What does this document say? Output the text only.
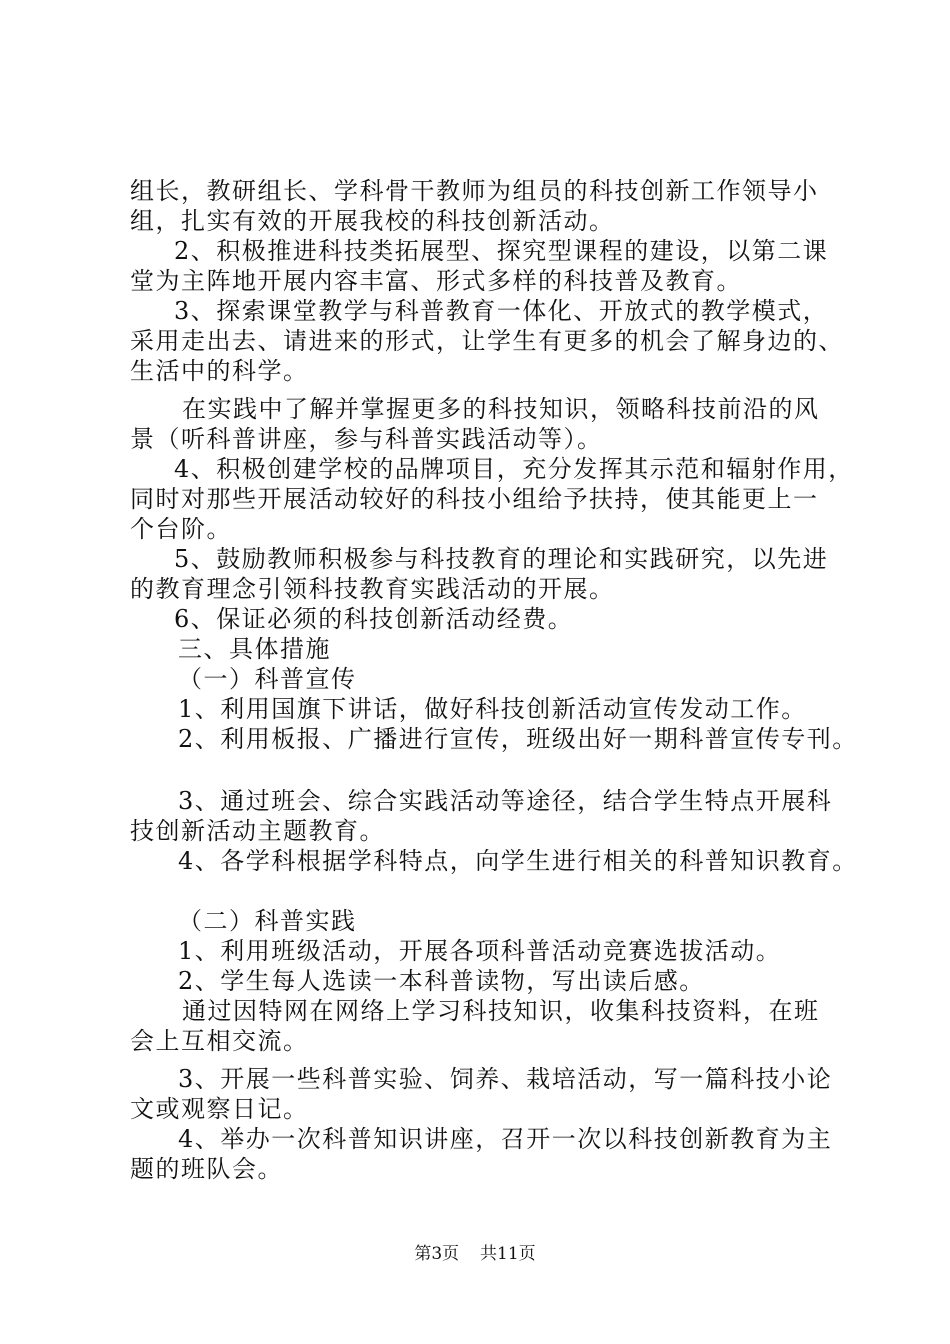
组长，教研组长、学科骨干教师为组员的科技创新工作领导小
组，扎实有效的开展我校的科技创新活动。
2、积极推进科技类拓展型、探究型课程的建设，以第二课
堂为主阵地开展内容丰富、形式多样的科技普及教育。
3、探索课堂教学与科普教育一体化、开放式的教学模式，
采用走出去、请进来的形式，让学生有更多的机会了解身边的、
生活中的科学。
在实践中了解并掌握更多的科技知识，领略科技前沿的风
景（听科普讲座，参与科普实践活动等）。
4、积极创建学校的品牌项目，充分发挥其示范和辐射作用，
同时对那些开展活动较好的科技小组给予扶持，使其能更上一
个台阶。
5、鼓励教师积极参与科技教育的理论和实践研究，以先进
的教育理念引领科技教育实践活动的开展。
6、保证必须的科技创新活动经费。
三、具体措施
（一）科普宣传
1、利用国旗下讲话，做好科技创新活动宣传发动工作。
2、利用板报、广播进行宣传，班级出好一期科普宣传专刊。
3、通过班会、综合实践活动等途径，结合学生特点开展科
技创新活动主题教育。
4、各学科根据学科特点，向学生进行相关的科普知识教育。
（二）科普实践
1、利用班级活动，开展各项科普活动竞赛选拔活动。
2、学生每人选读一本科普读物，写出读后感。
通过因特网在网络上学习科技知识，收集科技资料，在班
会上互相交流。
3、开展一些科普实验、饲养、栽培活动，写一篇科技小论
文或观察日记。
4、举办一次科普知识讲座，召开一次以科技创新教育为主
题的班队会。
第3页 共11页
